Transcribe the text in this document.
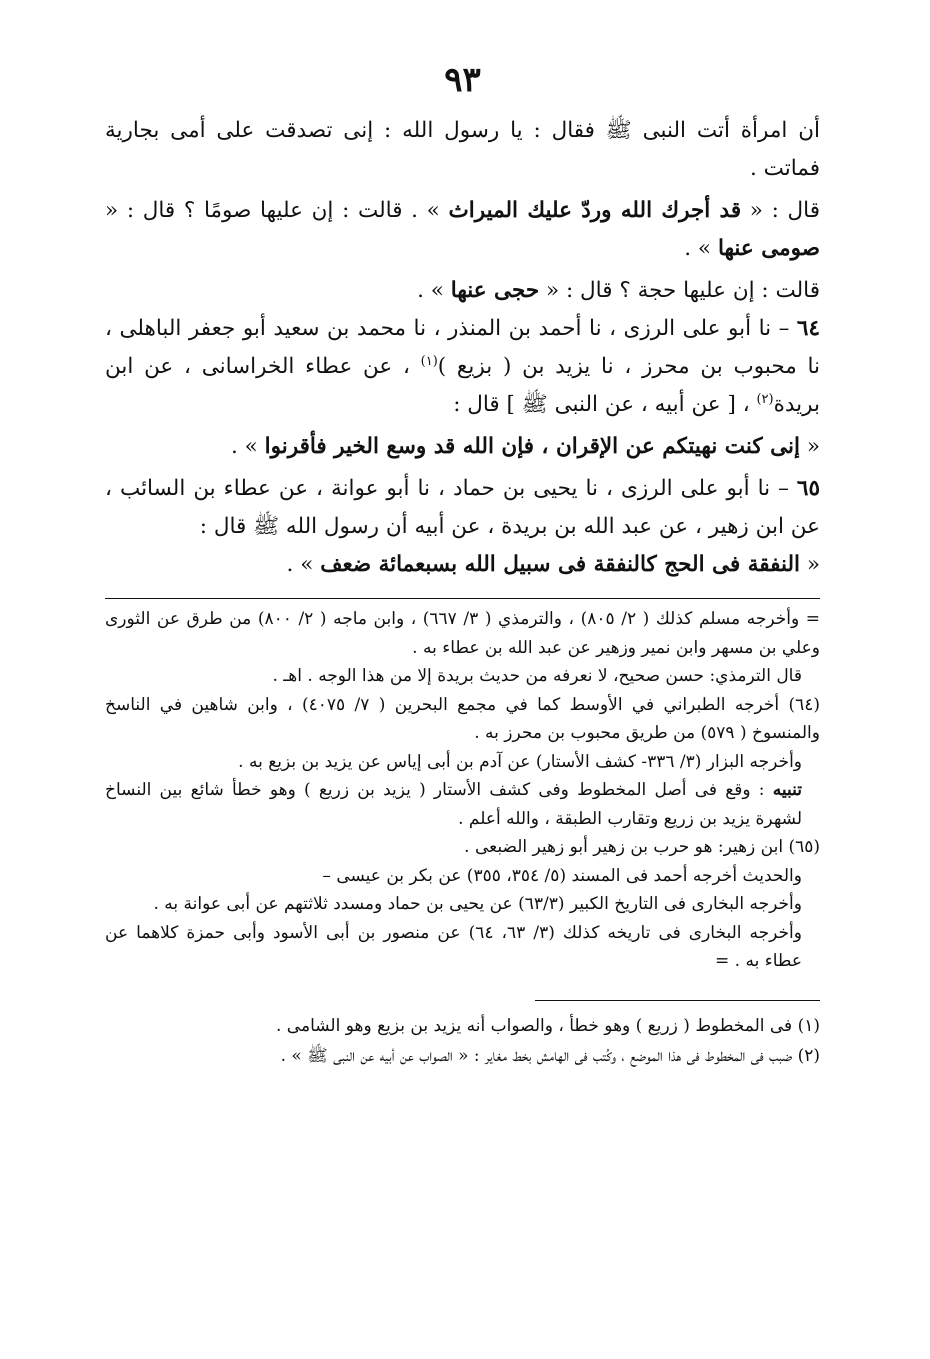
٩٣

أن امرأة أتت النبى ﷺ فقال : يا رسول الله : إنى تصدقت على أمى بجارية فماتت .

قال : « قد أجرك الله وردّ عليك الميراث » . قالت : إن عليها صومًا ؟ قال : « صومى عنها » .

قالت : إن عليها حجة ؟ قال : « حجى عنها » .

٦٤ – نا أبو على الرزى ، نا أحمد بن المنذر ، نا محمد بن سعيد أبو جعفر الباهلى ، نا محبوب بن محرز ، نا يزيد بن ( بزيع )$^{(١)}$ ، عن عطاء الخراسانى ، عن ابن بريدة$^{(٢)}$ ، [ عن أبيه ، عن النبى ﷺ ] قال :

« إنى كنت نهيتكم عن الإقران ، فإن الله قد وسع الخير فأقرنوا » .

٦٥ – نا أبو على الرزى ، نا يحيى بن حماد ، نا أبو عوانة ، عن عطاء بن السائب ، عن ابن زهير ، عن عبد الله بن بريدة ، عن أبيه أن رسول الله ﷺ قال :

« النفقة فى الحج كالنفقة فى سبيل الله بسبعمائة ضعف » .

= وأخرجه مسلم كذلك ( ٢/ ٨٠٥) ، والترمذي ( ٣/ ٦٦٧) ، وابن ماجه ( ٢/ ٨٠٠) من طرق عن الثورى وعلي بن مسهر وابن نمير وزهير عن عبد الله بن عطاء به .

قال الترمذي: حسن صحيح، لا نعرفه من حديث بريدة إلا من هذا الوجه . اهـ .

(٦٤) أخرجه الطبراني في الأوسط كما في مجمع البحرين ( ٧/ ٤٠٧٥) ، وابن شاهين في الناسخ والمنسوخ ( ٥٧٩) من طريق محبوب بن محرز به .

وأخرجه البزار (٣/ ٣٣٦- كشف الأستار) عن آدم بن أبى إياس عن يزيد بن بزيع به .

تنبيه : وقع فى أصل المخطوط وفى كشف الأستار ( يزيد بن زريع ) وهو خطأ شائع بين النساخ لشهرة يزيد بن زريع وتقارب الطبقة ، والله أعلم .

(٦٥) ابن زهير: هو حرب بن زهير أبو زهير الضبعى .

والحديث أخرجه أحمد فى المسند (٥/ ٣٥٤، ٣٥٥) عن بكر بن عيسى –

وأخرجه البخارى فى التاريخ الكبير (٦٣/٣) عن يحيى بن حماد ومسدد ثلاثتهم عن أبى عوانة به .

وأخرجه البخارى فى تاريخه كذلك (٣/ ٦٣، ٦٤) عن منصور بن أبى الأسود وأبى حمزة كلاهما عن عطاء به . =

(١) فى المخطوط ( زريع ) وهو خطأ ، والصواب أنه يزيد بن بزيع وهو الشامى .

(٢) ضبب فى المخطوط فى هذا الموضع ، وكُتب فى الهامش بخط مغاير : « الصواب عن أبيه عن النبى ﷺ » .
